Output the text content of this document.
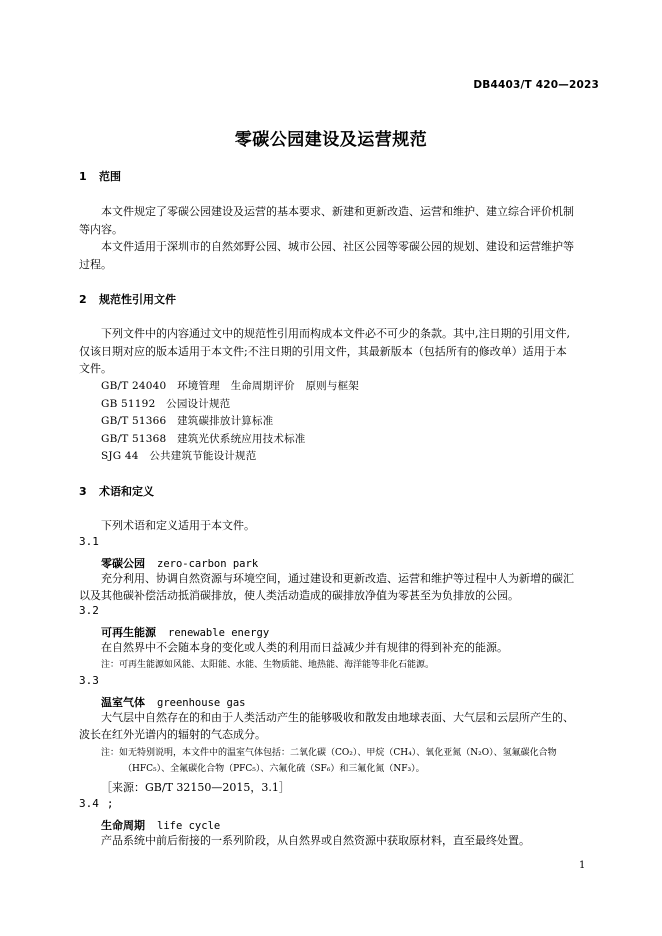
DB4403/T 420—2023
零碳公园建设及运营规范
1 范围
本文件规定了零碳公园建设及运营的基本要求、新建和更新改造、运营和维护、建立综合评价机制
等内容。
本文件适用于深圳市的自然郊野公园、城市公园、社区公园等零碳公园的规划、建设和运营维护等
过程。
2 规范性引用文件
下列文件中的内容通过文中的规范性引用而构成本文件必不可少的条款。其中,注日期的引用文件,
仅该日期对应的版本适用于本文件;不注日期的引用文件，其最新版本（包括所有的修改单）适用于本
文件。
GB/T 24040　环境管理　生命周期评价　原则与框架
GB 51192　公园设计规范
GB/T 51366　建筑碳排放计算标准
GB/T 51368　建筑光伏系统应用技术标准
SJG 44　公共建筑节能设计规范
3 术语和定义
下列术语和定义适用于本文件。
3.1
零碳公园 zero-carbon park
充分利用、协调自然资源与环境空间，通过建设和更新改造、运营和维护等过程中人为新增的碳汇
以及其他碳补偿活动抵消碳排放，使人类活动造成的碳排放净值为零甚至为负排放的公园。
3.2
可再生能源 renewable energy
在自然界中不会随本身的变化或人类的利用而日益减少并有规律的得到补充的能源。
注：可再生能源如风能、太阳能、水能、生物质能、地热能、海洋能等非化石能源。
3.3
温室气体 greenhouse gas
大气层中自然存在的和由于人类活动产生的能够吸收和散发由地球表面、大气层和云层所产生的、
波长在红外光谱内的辐射的气态成分。
注：如无特别说明，本文件中的温室气体包括：二氧化碳（CO₂）、甲烷（CH₄）、氧化亚氮（N₂O）、氢氟碳化合物
（HFC₅）、全氟碳化合物（PFC₅）、六氟化硫（SF₆）和三氟化氮（NF₃）。
［来源：GB/T 32150—2015，3.1］
3.4 ;
生命周期 life cycle
产品系统中前后衔接的一系列阶段，从自然界或自然资源中获取原材料，直至最终处置。
1
